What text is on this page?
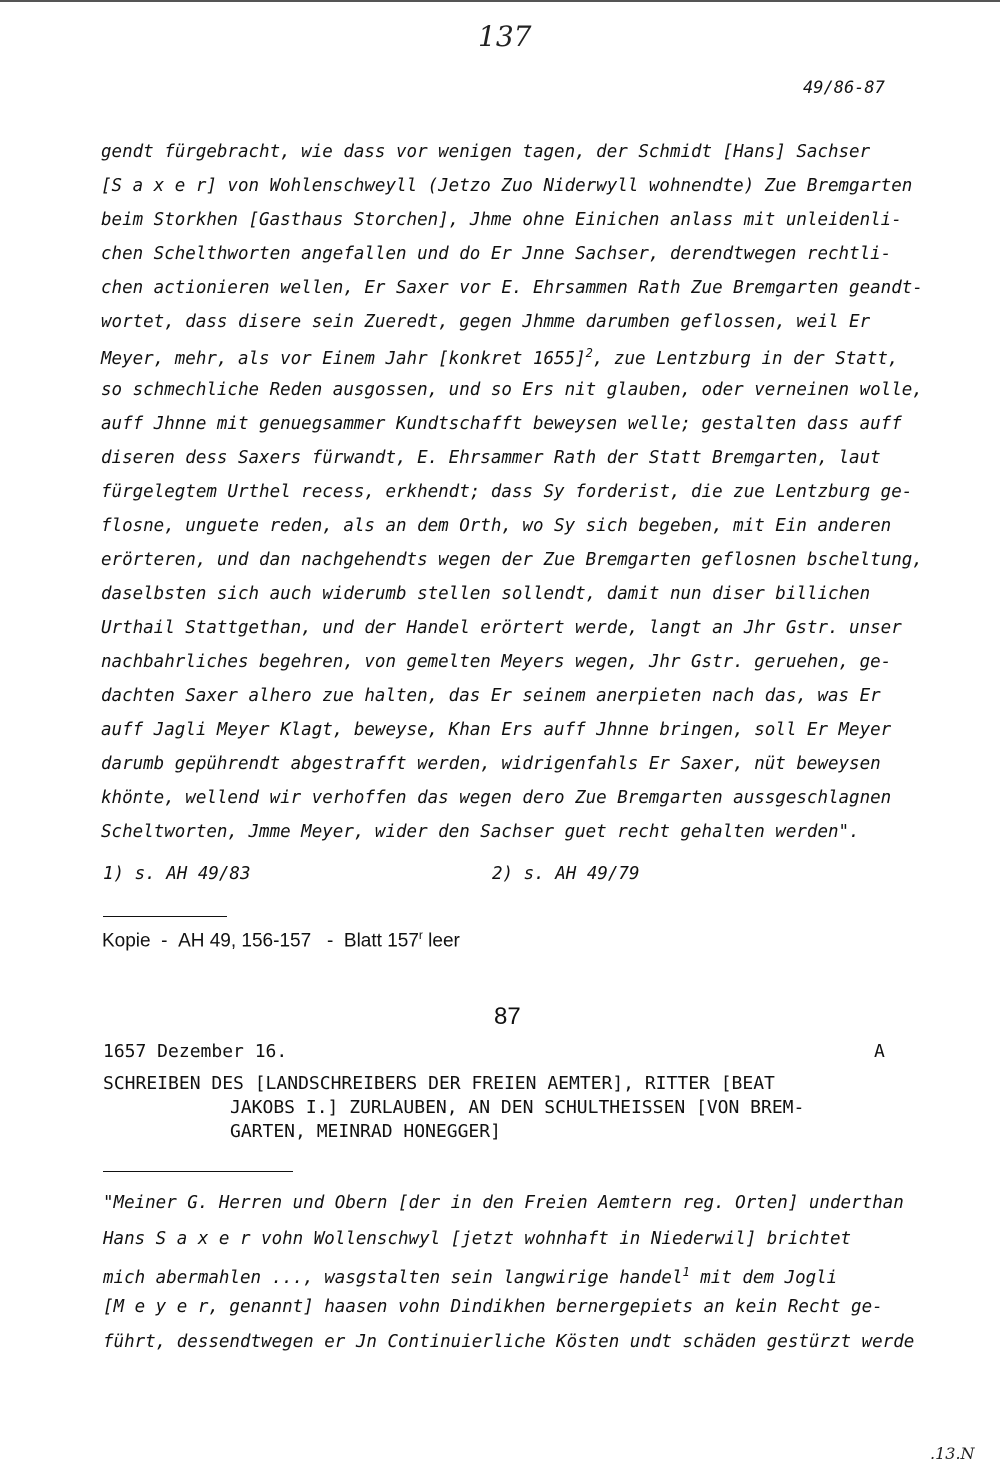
137
49/86-87
gendt fürgebracht, wie dass vor wenigen tagen, der Schmidt [Hans] Sachser
[S a x e r] von Wohlenschweyll (Jetzo Zuo Niderwyll wohnendte) Zue Bremgarten
beim Storkhen [Gasthaus Storchen], Jhme ohne Einichen anlass mit unleidenli-
chen Schelthworten angefallen und do Er Jnne Sachser, derendtwegen rechtli-
chen actionieren wellen, Er Saxer vor E. Ehrsammen Rath Zue Bremgarten geandt-
wortet, dass disere sein Zueredt, gegen Jhmme darumben geflossen, weil Er
Meyer, mehr, als vor Einem Jahr [konkret 1655]$^2$, zue Lentzburg in der Statt,
so schmechliche Reden ausgossen, und so Ers nit glauben, oder verneinen wolle,
auff Jhnne mit genuegsammer Kundtschafft beweysen welle; gestalten dass auff
diseren dess Saxers fürwandt, E. Ehrsammer Rath der Statt Bremgarten, laut
fürgelegtem Urthel recess, erkhendt; dass Sy forderist, die zue Lentzburg ge-
flosne, unguete reden, als an dem Orth, wo Sy sich begeben, mit Ein anderen
erörteren, und dan nachgehendts wegen der Zue Bremgarten geflosnen bscheltung,
daselbsten sich auch widerumb stellen sollendt, damit nun diser billichen
Urthail Stattgethan, und der Handel erörtert werde, langt an Jhr Gstr. unser
nachbahrliches begehren, von gemelten Meyers wegen, Jhr Gstr. geruehen, ge-
dachten Saxer alhero zue halten, das Er seinem anerpieten nach das, was Er
auff Jagli Meyer Klagt, beweyse, Khan Ers auff Jhnne bringen, soll Er Meyer
darumb gepührendt abgestrafft werden, widrigenfahls Er Saxer, nüt beweysen
khönte, wellend wir verhoffen das wegen dero Zue Bremgarten aussgeschlagnen
Scheltworten, Jmme Meyer, wider den Sachser guet recht gehalten werden".
1) s. AH 49/83	2) s. AH 49/79
Kopie - AH 49, 156-157 - Blatt 157$^r$ leer
87
1657 Dezember 16.	A
SCHREIBEN DES [LANDSCHREIBERS DER FREIEN AEMTER], RITTER [BEAT
JAKOBS I.] ZURLAUBEN, AN DEN SCHULTHEISSEN [VON BREM-
GARTEN, MEINRAD HONEGGER]
"Meiner G. Herren und Obern [der in den Freien Aemtern reg. Orten] underthan
Hans S a x e r vohn Wollenschwyl [jetzt wohnhaft in Niederwil] brichtet
mich abermahlen ..., wasgstalten sein langwirige handel$^1$ mit dem Jogli
[M e y e r, genannt] haasen vohn Dindikhen bernergepiets an kein Recht ge-
führt, dessendtwegen er Jn Continuierliche Kösten undt schäden gestürzt werde
.13.N
